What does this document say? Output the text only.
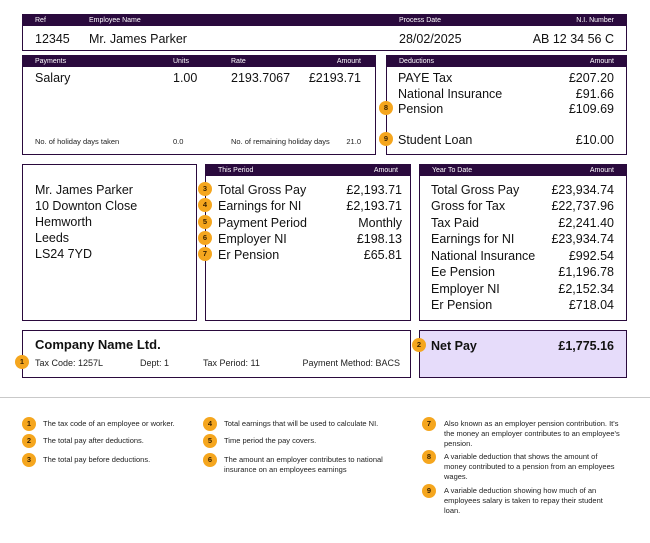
Ref	Employee Name	Process Date	N.I. Number
12345 Mr. James Parker	28/02/2025	AB 12 34 56 C
Payments	Units	Rate	Amount
Salary	1.00	2193.7067 £2193.71
No. of holiday days taken	0.0	No. of remaining holiday days 21.0
Deductions	Amount
PAYE Tax	£207.20
National Insurance	£91.66
Pension	£109.69
Student Loan	£10.00
8
9
Mr. James Parker
10 Downton Close
Hemworth
Leeds
LS24 7YD
This Period	Amount
Total Gross Pay	£2,193.71
Earnings for NI	£2,193.71
Payment Period	Monthly
Employer NI	£198.13
Er Pension	£65.81
3
4
5
6
7
Year To Date	Amount
Total Gross Pay	£23,934.74
Gross for Tax	£22,737.96
Tax Paid	£2,241.40
Earnings for NI	£23,934.74
National Insurance	£992.54
Ee Pension	£1,196.78
Employer NI	£2,152.34
Er Pension	£718.04
Company Name Ltd.
Tax Code: 1257L	Dept: 1	Tax Period: 11	Payment Method: BACS
1
Net Pay	£1,775.16
2
1	The tax code of an employee or worker.
2	The total pay after deductions.
3	The total pay before deductions.
4	Total earnings that will be used to calculate NI.
5	Time period the pay covers.
6	The amount an employer contributes to national insurance on an employees earnings
7	Also known as an employer pension contribution. It's the money an employer contributes to an employee's pension.
8	A variable deduction that shows the amount of money contributed to a pension from an employees wages.
9	A variable deduction showing how much of an employees salary is taken to repay their student loan.
